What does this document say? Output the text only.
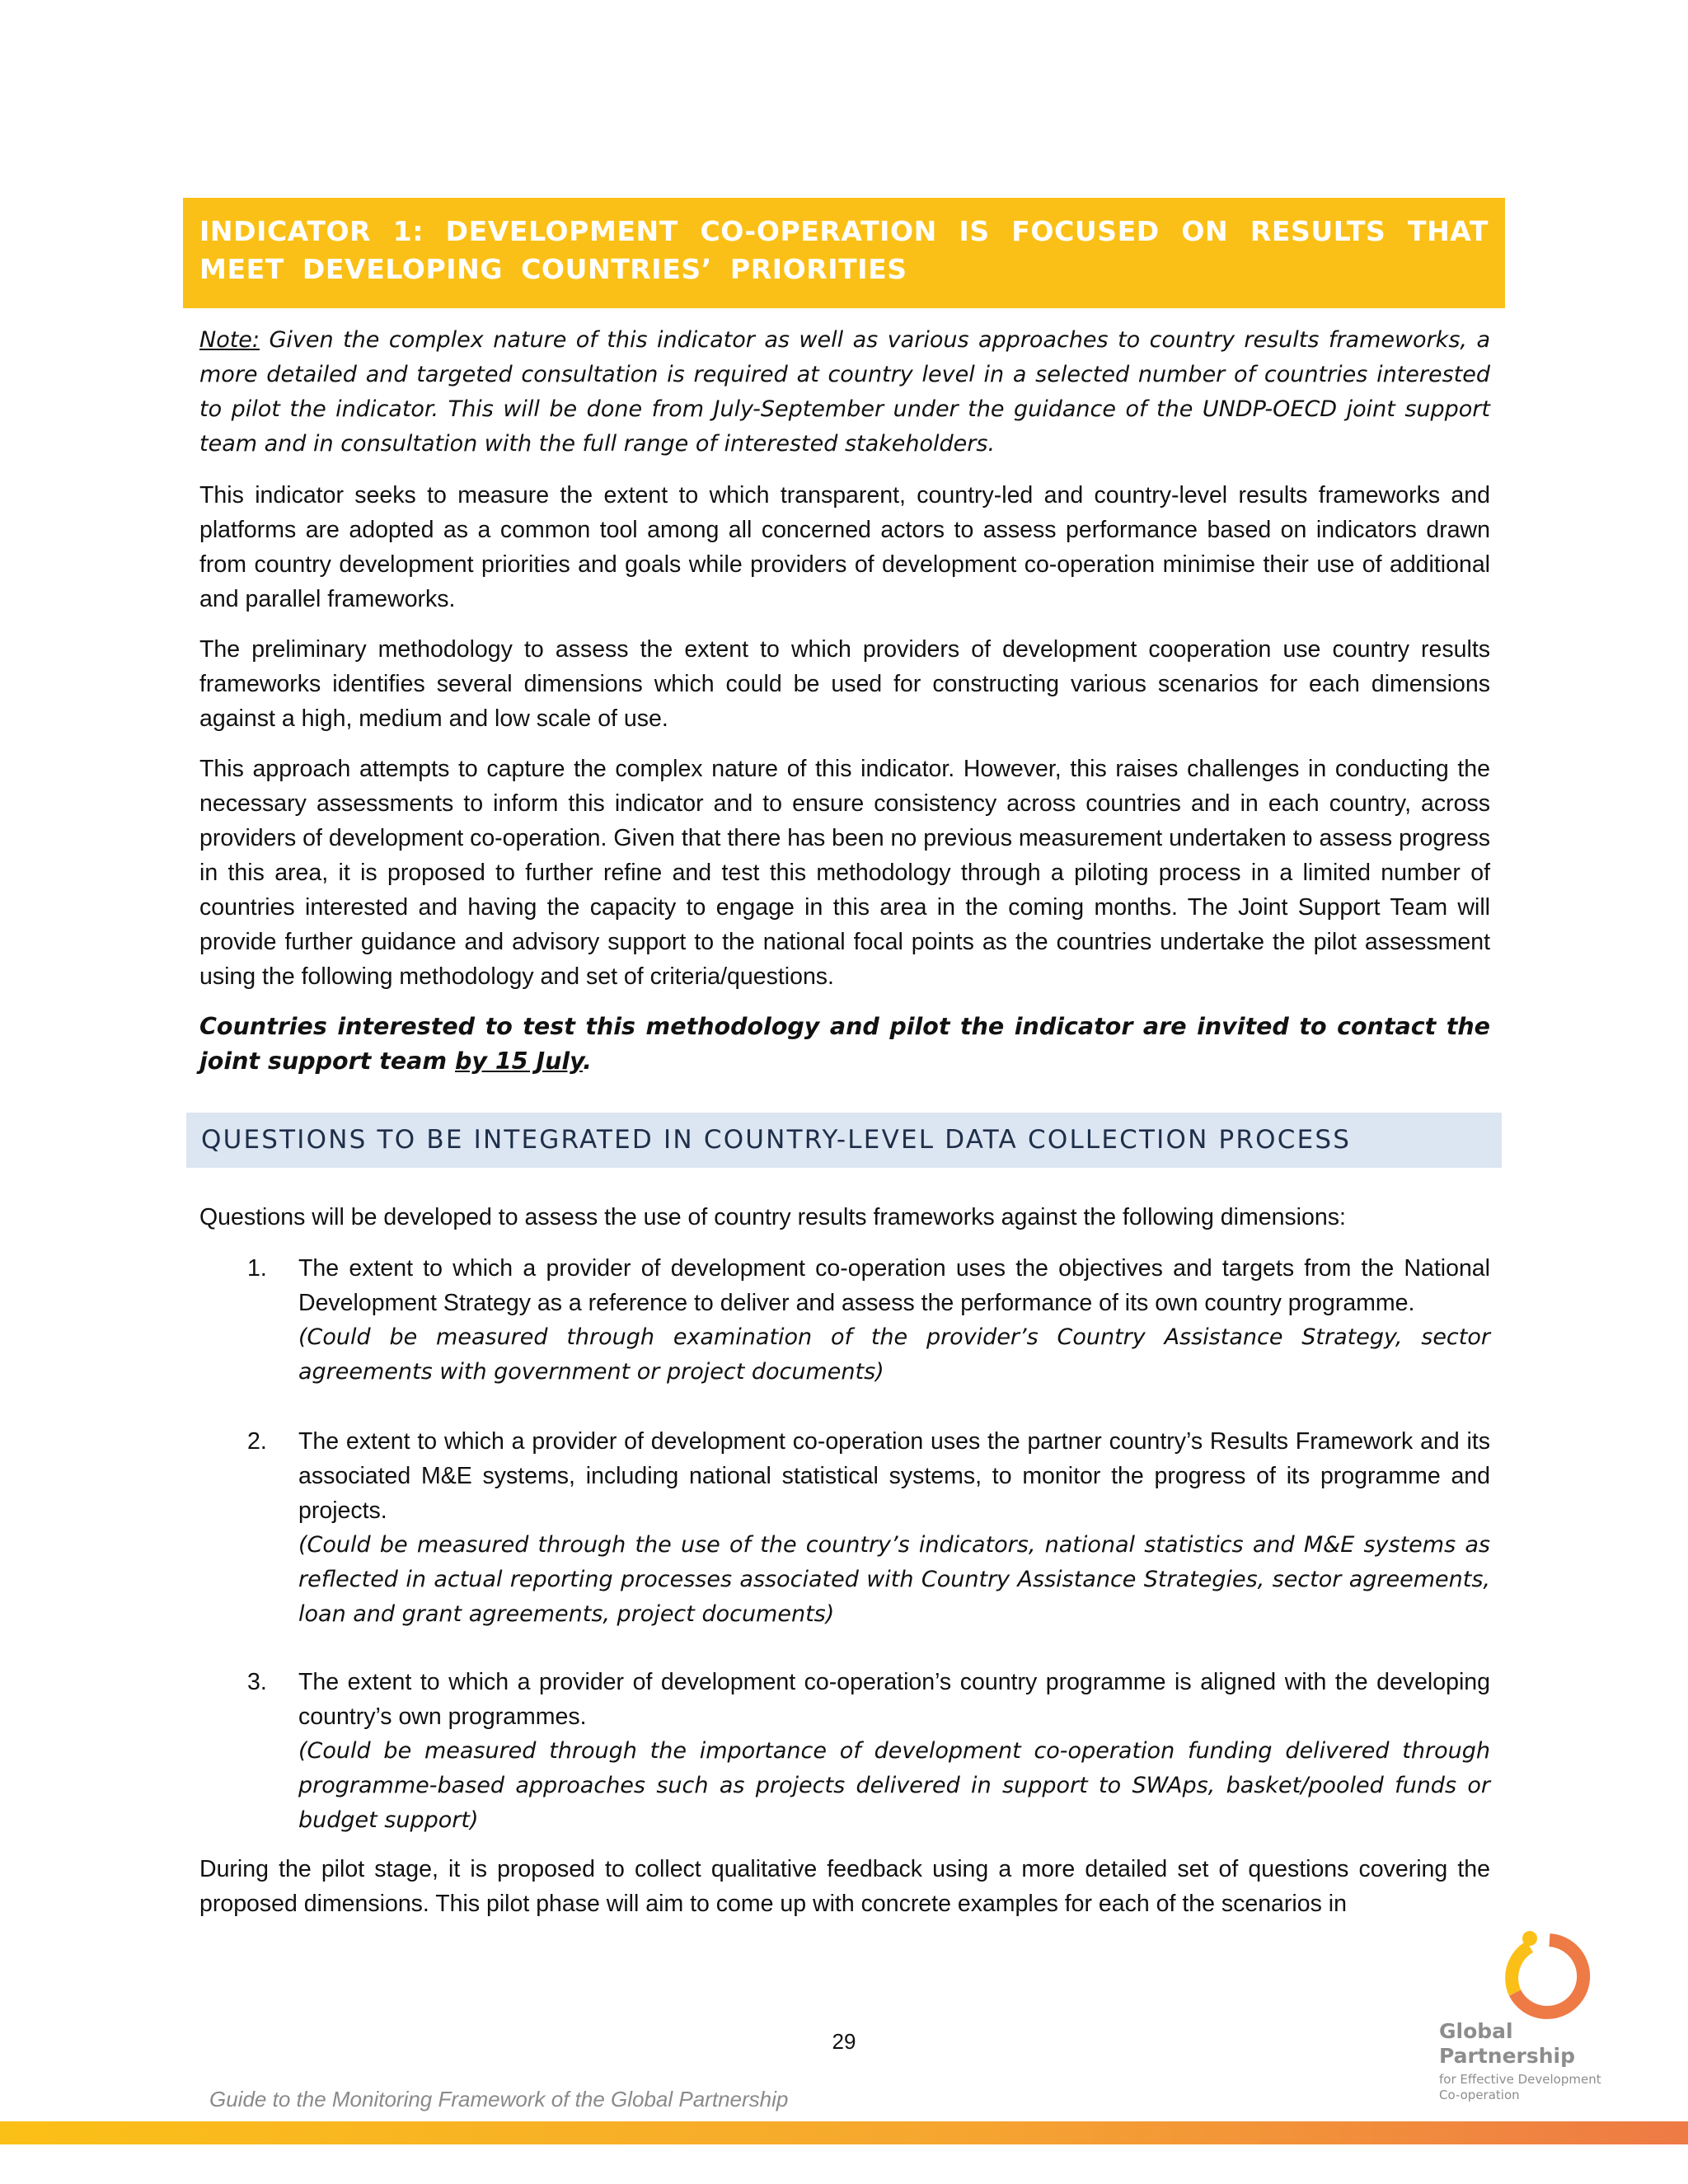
INDICATOR 1: DEVELOPMENT CO-OPERATION IS FOCUSED ON RESULTS THAT MEET DEVELOPING COUNTRIES’ PRIORITIES
Note: Given the complex nature of this indicator as well as various approaches to country results frameworks, a more detailed and targeted consultation is required at country level in a selected number of countries interested to pilot the indicator. This will be done from July-September under the guidance of the UNDP-OECD joint support team and in consultation with the full range of interested stakeholders.
This indicator seeks to measure the extent to which transparent, country-led and country-level results frameworks and platforms are adopted as a common tool among all concerned actors to assess performance based on indicators drawn from country development priorities and goals while providers of development co-operation minimise their use of additional and parallel frameworks.
The preliminary methodology to assess the extent to which providers of development cooperation use country results frameworks identifies several dimensions which could be used for constructing various scenarios for each dimensions against a high, medium and low scale of use.
This approach attempts to capture the complex nature of this indicator. However, this raises challenges in conducting the necessary assessments to inform this indicator and to ensure consistency across countries and in each country, across providers of development co-operation. Given that there has been no previous measurement undertaken to assess progress in this area, it is proposed to further refine and test this methodology through a piloting process in a limited number of countries interested and having the capacity to engage in this area in the coming months. The Joint Support Team will provide further guidance and advisory support to the national focal points as the countries undertake the pilot assessment using the following methodology and set of criteria/questions.
Countries interested to test this methodology and pilot the indicator are invited to contact the joint support team by 15 July.
QUESTIONS TO BE INTEGRATED IN COUNTRY-LEVEL DATA COLLECTION PROCESS
Questions will be developed to assess the use of country results frameworks against the following dimensions:
1. The extent to which a provider of development co-operation uses the objectives and targets from the National Development Strategy as a reference to deliver and assess the performance of its own country programme.
(Could be measured through examination of the provider’s Country Assistance Strategy, sector agreements with government or project documents)
2. The extent to which a provider of development co-operation uses the partner country’s Results Framework and its associated M&E systems, including national statistical systems, to monitor the progress of its programme and projects.
(Could be measured through the use of the country’s indicators, national statistics and M&E systems as reflected in actual reporting processes associated with Country Assistance Strategies, sector agreements, loan and grant agreements, project documents)
3. The extent to which a provider of development co-operation’s country programme is aligned with the developing country’s own programmes.
(Could be measured through the importance of development co-operation funding delivered through programme-based approaches such as projects delivered in support to SWAps, basket/pooled funds or budget support)
During the pilot stage, it is proposed to collect qualitative feedback using a more detailed set of questions covering the proposed dimensions. This pilot phase will aim to come up with concrete examples for each of the scenarios in
29	Global
Partnership
for Effective Development
Co-operation
Guide to the Monitoring Framework of the Global Partnership
